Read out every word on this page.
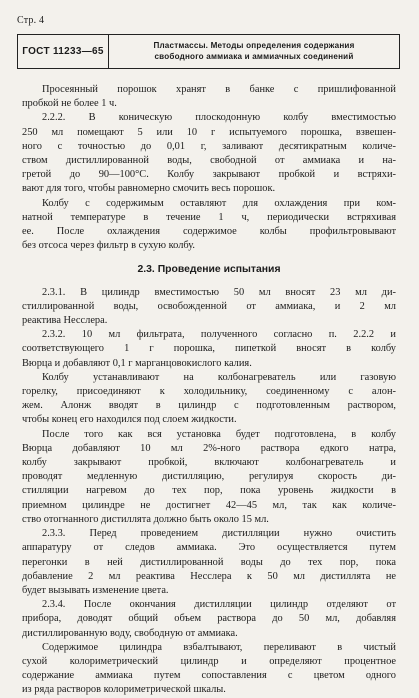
Стр. 4
ГОСТ 11233—65
Пластмассы. Методы определения содержания
свободного аммиака и аммиачных соединений

Просеянный порошок хранят в банке с пришлифованной
пробкой не более 1 ч.

2.2.2. В коническую плоскодонную колбу вместимостью
250 мл помещают 5 или 10 г испытуемого порошка, взвешен-
ного с точностью до 0,01 г, заливают десятикратным количе-
ством дистиллированной воды, свободной от аммиака и на-
гретой до 90—100°С. Колбу закрывают пробкой и встряхи-
вают для того, чтобы равномерно смочить весь порошок.

Колбу с содержимым оставляют для охлаждения при ком-
натной температуре в течение 1 ч, периодически встряхивая
ее. После охлаждения содержимое колбы профильтровывают
без отсоса через фильтр в сухую колбу.

2.3. Проведение испытания

2.3.1. В цилиндр вместимостью 50 мл вносят 23 мл ди-
стиллированной воды, освобожденной от аммиака, и 2 мл
реактива Несслера.

2.3.2. 10 мл фильтрата, полученного согласно п. 2.2.2 и
соответствующего 1 г порошка, пипеткой вносят в колбу
Вюрца и добавляют 0,1 г марганцовокислого калия.

Колбу устанавливают на колбонагреватель или газовую
горелку, присоединяют к холодильнику, соединенному с алон-
жем. Алонж вводят в цилиндр с подготовленным раствором,
чтобы конец его находился под слоем жидкости.

После того как вся установка будет подготовлена, в колбу
Вюрца добавляют 10 мл 2%-ного раствора едкого натра,
колбу закрывают пробкой, включают колбонагреватель и
проводят медленную дистилляцию, регулируя скорость ди-
стилляции нагревом до тех пор, пока уровень жидкости в
приемном цилиндре не достигнет 42—45 мл, так как количе-
ство отогнанного дистиллята должно быть около 15 мл.

2.3.3. Перед проведением дистилляции нужно очистить
аппаратуру от следов аммиака. Это осуществляется путем
перегонки в ней дистиллированной воды до тех пор, пока
добавление 2 мл реактива Несслера к 50 мл дистиллята не
будет вызывать изменение цвета.

2.3.4. После окончания дистилляции цилиндр отделяют от
прибора, доводят общий объем раствора до 50 мл, добавляя
дистиллированную воду, свободную от аммиака.

Содержимое цилиндра взбалтывают, переливают в чистый
сухой колориметрический цилиндр и определяют процентное
содержание аммиака путем сопоставления с цветом одного
из ряда растворов колориметрической шкалы.
